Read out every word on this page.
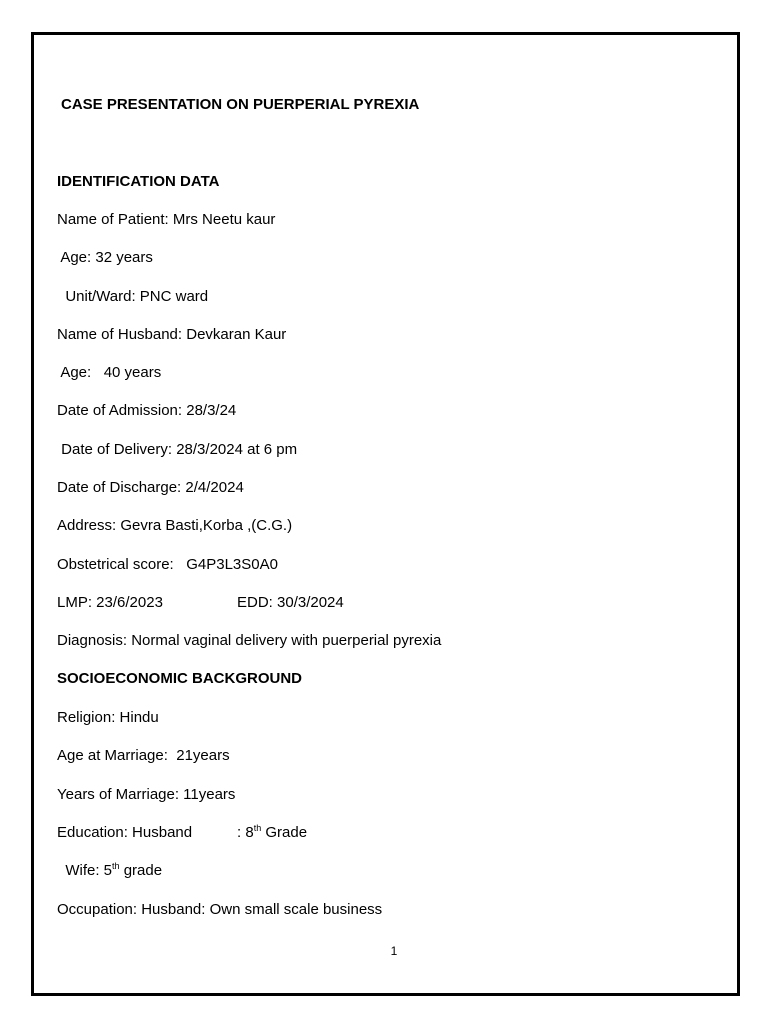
CASE PRESENTATION ON PUERPERIAL PYREXIA
IDENTIFICATION DATA
Name of Patient: Mrs Neetu kaur
Age: 32 years
Unit/Ward: PNC ward
Name of Husband: Devkaran Kaur
Age:   40 years
Date of Admission: 28/3/24
Date of Delivery: 28/3/2024 at 6 pm
Date of Discharge: 2/4/2024
Address: Gevra Basti,Korba ,(C.G.)
Obstetrical score:   G4P3L3S0A0
LMP: 23/6/2023	EDD: 30/3/2024
Diagnosis: Normal vaginal delivery with puerperial pyrexia
SOCIOECONOMIC BACKGROUND
Religion: Hindu
Age at Marriage:  21years
Years of Marriage: 11years
Education: Husband	: 8th Grade
Wife: 5th grade
Occupation: Husband: Own small scale business
1
